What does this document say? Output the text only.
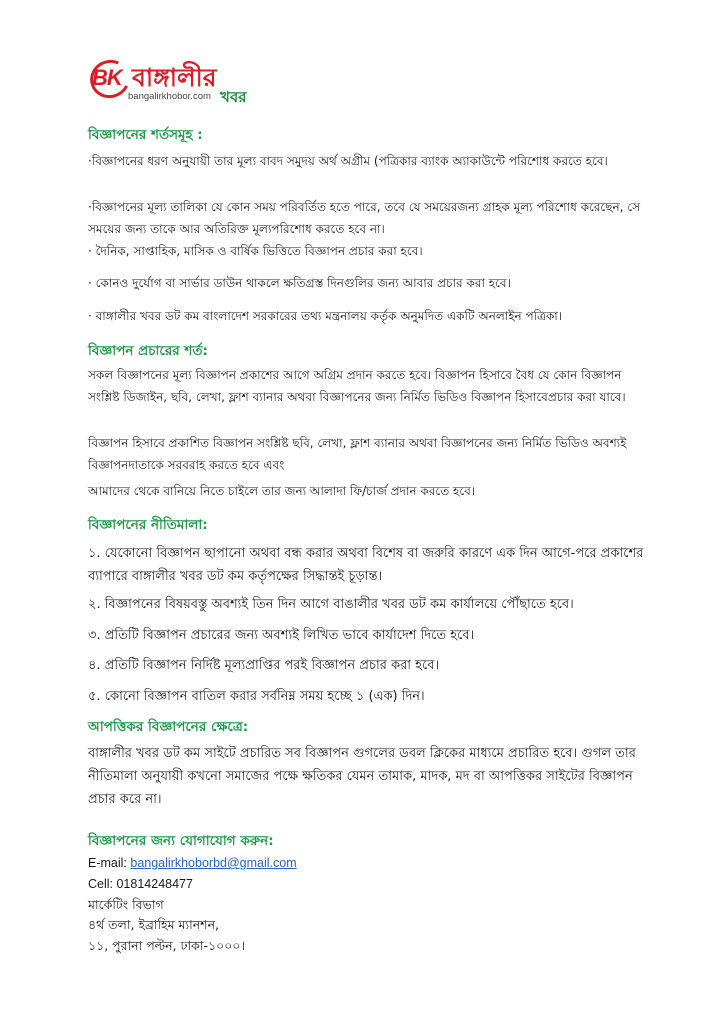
BK বাঙ্গালীর
bangalirkhobor.com খবর
বিজ্ঞাপনের শর্তসমূহ :
·বিজ্ঞাপনের ধরণ অনুযায়ী তার মূল্য বাবদ সমুদয় অর্থ অগ্রীম (পত্রিকার ব্যাংক অ্যাকাউন্টে পরিশোধ করতে হবে।
·বিজ্ঞাপনের মূল্য তালিকা যে কোন সময় পরিবর্তিত হতে পারে, তবে যে সময়েরজন্য গ্রাহক মূল্য পরিশোধ করেছেন, সে সময়ের জন্য তাকে আর অতিরিক্ত মূল্যপরিশোধ করতে হবে না।
· দৈনিক, সাপ্তাহিক, মাসিক ও বার্ষিক ভিত্তিতে বিজ্ঞাপন প্রচার করা হবে।
· কোনও দুর্যোগ বা সার্ভার ডাউন থাকলে ক্ষতিগ্রস্ত দিনগুলির জন্য আবার প্রচার করা হবে।
· বাঙ্গালীর খবর ডট কম বাংলাদেশ সরকারের তথ্য মন্ত্রনালয় কর্তৃক অনুমদিত একটি অনলাইন পত্রিকা।
বিজ্ঞাপন প্রচারের শর্ত:
সকল বিজ্ঞাপনের মূল্য বিজ্ঞাপন প্রকাশের আগে অগ্রিম প্রদান করতে হবে। বিজ্ঞাপন হিসাবে বৈধ যে কোন বিজ্ঞাপন সংশ্লিষ্ট ডিজাইন, ছবি, লেখা, ফ্লাশ ব্যানার অথবা বিজ্ঞাপনের জন্য নির্মিত ভিডিও বিজ্ঞাপন হিসাবেপ্রচার করা যাবে।
বিজ্ঞাপন হিসাবে প্রকাশিত বিজ্ঞাপন সংশ্লিষ্ট ছবি, লেখা, ফ্লাশ ব্যানার অথবা বিজ্ঞাপনের জন্য নির্মিত ভিডিও অবশ্যই বিজ্ঞাপনদাতাকে সরবরাহ করতে হবে এবং
আমাদের থেকে বানিয়ে নিতে চাইলে তার জন্য আলাদা ফি/চার্জ প্রদান করতে হবে।
বিজ্ঞাপনের নীতিমালা:
১. যেকোনো বিজ্ঞাপন ছাপানো অথবা বন্ধ করার অথবা বিশেষ বা জরুরি কারণে এক দিন আগে-পরে প্রকাশের ব্যাপারে বাঙ্গালীর খবর ডট কম কর্তৃপক্ষের সিদ্ধান্তই চূড়ান্ত।
২. বিজ্ঞাপনের বিষয়বস্তু অবশ্যই তিন দিন আগে বাঙালীর খবর ডট কম কার্যালয়ে পৌঁছাতে হবে।
৩. প্রতিটি বিজ্ঞাপন প্রচারের জন্য অবশ্যই লিখিত ভাবে কার্যাদেশ দিতে হবে।
৪. প্রতিটি বিজ্ঞাপন নির্দিষ্ট মূল্যপ্রাপ্তির পরই বিজ্ঞাপন প্রচার করা হবে।
৫. কোনো বিজ্ঞাপন বাতিল করার সর্বনিম্ন সময় হচ্ছে ১ (এক) দিন।
আপত্তিকর বিজ্ঞাপনের ক্ষেত্রে:
বাঙ্গালীর খবর ডট কম সাইটে প্রচারিত সব বিজ্ঞাপন গুগলের ডবল ক্লিকের মাধ্যমে প্রচারিত হবে। গুগল তার নীতিমালা অনুযায়ী কখনো সমাজের পক্ষে ক্ষতিকর যেমন তামাক, মাদক, মদ বা আপত্তিকর সাইটের বিজ্ঞাপন প্রচার করে না।
বিজ্ঞাপনের জন্য যোগাযোগ করুন:
E-mail: bangalirkhoborbd@gmail.com
Cell: 01814248477
মার্কেটিং বিভাগ
৪র্থ তলা, ইব্রাহিম ম্যানশন,
১১, পুরানা পল্টন, ঢাকা-১০০০।
